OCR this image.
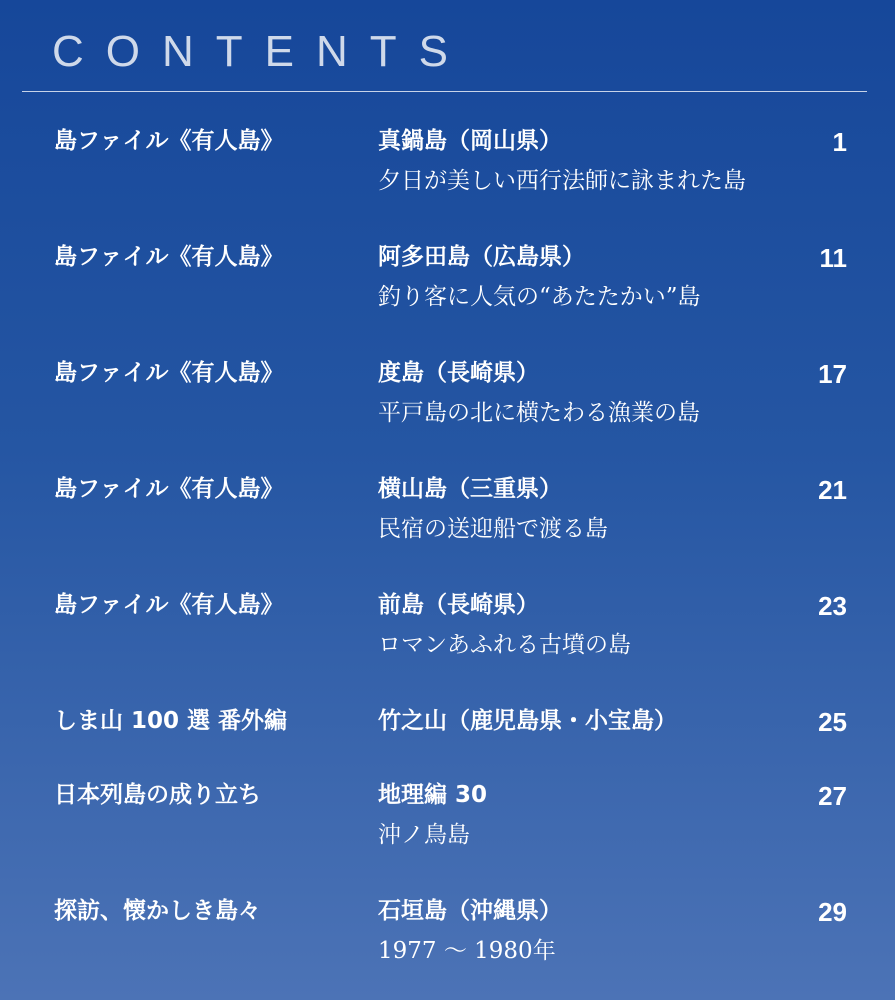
CONTENTS
島ファイル《有人島》	真鍋島（岡山県）	1
夕日が美しい西行法師に詠まれた島
島ファイル《有人島》	阿多田島（広島県）	11
釣り客に人気の“あたたかい”島
島ファイル《有人島》	度島（長崎県）	17
平戸島の北に横たわる漁業の島
島ファイル《有人島》	横山島（三重県）	21
民宿の送迎船で渡る島
島ファイル《有人島》	前島（長崎県）	23
ロマンあふれる古墳の島
しま山 100 選 番外編	竹之山（鹿児島県・小宝島）	25
日本列島の成り立ち	地理編 30	27
沖ノ鳥島
探訪、懐かしき島々	石垣島（沖縄県）	29
1977 ～ 1980年
